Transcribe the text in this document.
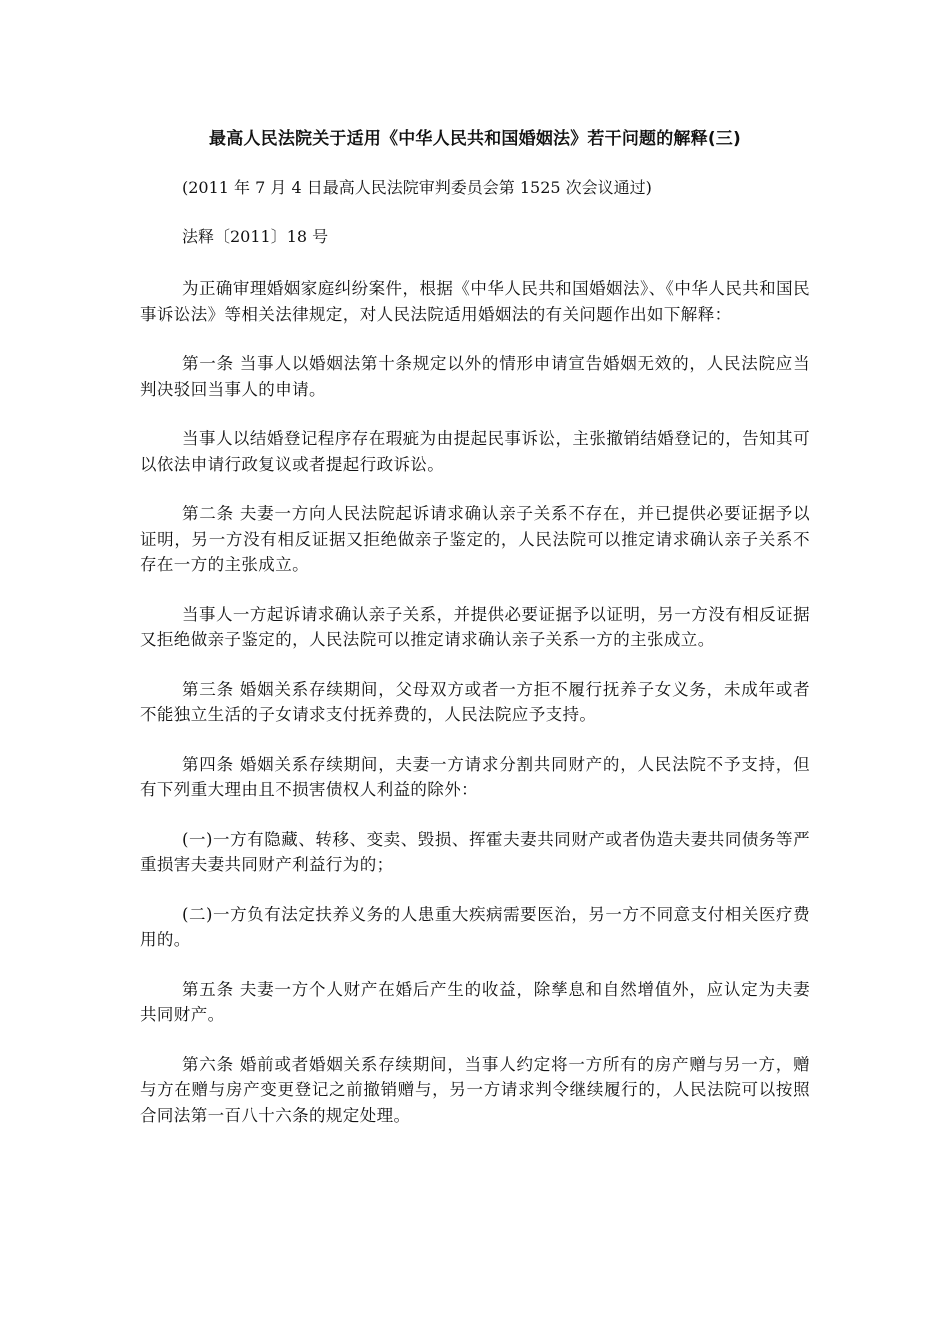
最高人民法院关于适用《中华人民共和国婚姻法》若干问题的解释(三)

(2011 年 7 月 4 日最高人民法院审判委员会第 1525 次会议通过)

法释〔2011〕18 号

为正确审理婚姻家庭纠纷案件，根据《中华人民共和国婚姻法》、《中华人民共和国民事诉讼法》等相关法律规定，对人民法院适用婚姻法的有关问题作出如下解释：

第一条 当事人以婚姻法第十条规定以外的情形申请宣告婚姻无效的，人民法院应当判决驳回当事人的申请。

当事人以结婚登记程序存在瑕疵为由提起民事诉讼，主张撤销结婚登记的，告知其可以依法申请行政复议或者提起行政诉讼。

第二条 夫妻一方向人民法院起诉请求确认亲子关系不存在，并已提供必要证据予以证明，另一方没有相反证据又拒绝做亲子鉴定的，人民法院可以推定请求确认亲子关系不存在一方的主张成立。

当事人一方起诉请求确认亲子关系，并提供必要证据予以证明，另一方没有相反证据又拒绝做亲子鉴定的，人民法院可以推定请求确认亲子关系一方的主张成立。

第三条 婚姻关系存续期间，父母双方或者一方拒不履行抚养子女义务，未成年或者不能独立生活的子女请求支付抚养费的，人民法院应予支持。

第四条 婚姻关系存续期间，夫妻一方请求分割共同财产的，人民法院不予支持，但有下列重大理由且不损害债权人利益的除外：

(一)一方有隐藏、转移、变卖、毁损、挥霍夫妻共同财产或者伪造夫妻共同债务等严重损害夫妻共同财产利益行为的；

(二)一方负有法定扶养义务的人患重大疾病需要医治，另一方不同意支付相关医疗费用的。

第五条 夫妻一方个人财产在婚后产生的收益，除孳息和自然增值外，应认定为夫妻共同财产。

第六条 婚前或者婚姻关系存续期间，当事人约定将一方所有的房产赠与另一方，赠与方在赠与房产变更登记之前撤销赠与，另一方请求判令继续履行的，人民法院可以按照合同法第一百八十六条的规定处理。
